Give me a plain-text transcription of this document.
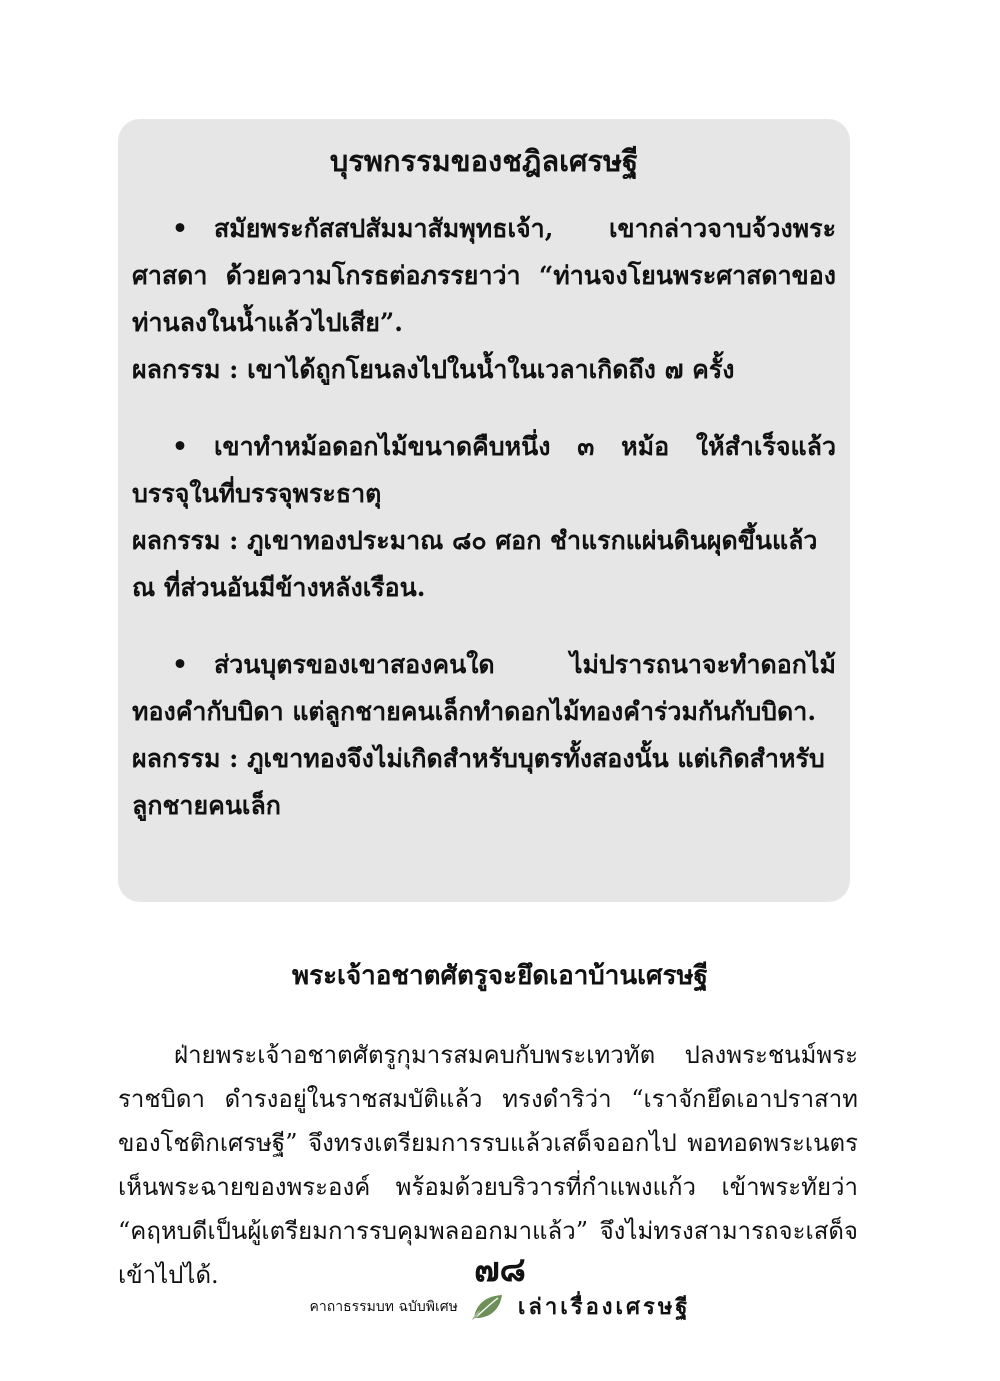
บุรพกรรมของชฎิลเศรษฐี

• สมัยพระกัสสปสัมมาสัมพุทธเจ้า, เขากล่าวจาบจ้วงพระศาสดา ด้วยความโกรธต่อภรรยาว่า “ท่านจงโยนพระศาสดาของท่านลงในน้ำแล้วไปเสีย”.

ผลกรรม : เขาได้ถูกโยนลงไปในน้ำในเวลาเกิดถึง ๗ ครั้ง

• เขาทำหม้อดอกไม้ขนาดคืบหนึ่ง ๓ หม้อ ให้สำเร็จแล้วบรรจุในที่บรรจุพระธาตุ

ผลกรรม : ภูเขาทองประมาณ ๘๐ ศอก ชำแรกแผ่นดินผุดขึ้นแล้ว ณ ที่ส่วนอันมีข้างหลังเรือน.

• ส่วนบุตรของเขาสองคนใด ไม่ปรารถนาจะทำดอกไม้ทองคำกับบิดา แต่ลูกชายคนเล็กทำดอกไม้ทองคำร่วมกันกับบิดา.

ผลกรรม : ภูเขาทองจึงไม่เกิดสำหรับบุตรทั้งสองนั้น แต่เกิดสำหรับลูกชายคนเล็ก

พระเจ้าอชาตศัตรูจะยึดเอาบ้านเศรษฐี
ฝ่ายพระเจ้าอชาตศัตรูกุมารสมคบกับพระเทวทัต ปลงพระชนม์พระราชบิดา ดำรงอยู่ในราชสมบัติแล้ว ทรงดำริว่า “เราจักยึดเอาปราสาทของโชติกเศรษฐี” จึงทรงเตรียมการรบแล้วเสด็จออกไป พอทอดพระเนตรเห็นพระฉายของพระองค์ พร้อมด้วยบริวารที่กำแพงแก้ว เข้าพระทัยว่า “คฤหบดีเป็นผู้เตรียมการรบคุมพลออกมาแล้ว” จึงไม่ทรงสามารถจะเสด็จเข้าไปได้.	๗๘
คาถาธรรมบท ฉบับพิเศษ	เล่าเรื่องเศรษฐี
